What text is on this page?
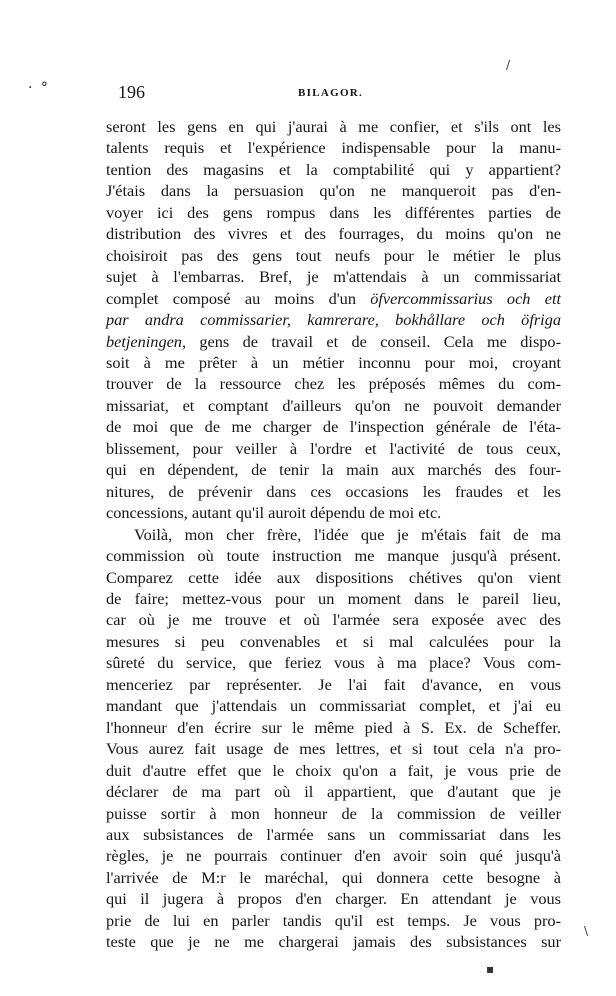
· °	196	BILAGOR.
seront les gens en qui j'aurai à me confier, et s'ils ont les
talents requis et l'expérience indispensable pour la manu-
tention des magasins et la comptabilité qui y appartient?
J'étais dans la persuasion qu'on ne manqueroit pas d'en-
voyer ici des gens rompus dans les différentes parties de
distribution des vivres et des fourrages, du moins qu'on ne
choisiroit pas des gens tout neufs pour le métier le plus
sujet à l'embarras. Bref, je m'attendais à un commissariat
complet composé au moins d'un öfvercommissarius och ett
par andra commissarier, kamrerare, bokhållare och öfriga
betjeningen, gens de travail et de conseil. Cela me dispo-
soit à me prêter à un métier inconnu pour moi, croyant
trouver de la ressource chez les préposés mêmes du com-
missariat, et comptant d'ailleurs qu'on ne pouvoit demander
de moi que de me charger de l'inspection générale de l'éta-
blissement, pour veiller à l'ordre et l'activité de tous ceux,
qui en dépendent, de tenir la main aux marchés des four-
nitures, de prévenir dans ces occasions les fraudes et les
concessions, autant qu'il auroit dépendu de moi etc.
Voilà, mon cher frère, l'idée que je m'étais fait de ma
commission où toute instruction me manque jusqu'à présent.
Comparez cette idée aux dispositions chétives qu'on vient
de faire; mettez-vous pour un moment dans le pareil lieu,
car où je me trouve et où l'armée sera exposée avec des
mesures si peu convenables et si mal calculées pour la
sûreté du service, que feriez vous à ma place? Vous com-
menceriez par représenter. Je l'ai fait d'avance, en vous
mandant que j'attendais un commissariat complet, et j'ai eu
l'honneur d'en écrire sur le même pied à S. Ex. de Scheffer.
Vous aurez fait usage de mes lettres, et si tout cela n'a pro-
duit d'autre effet que le choix qu'on a fait, je vous prie de
déclarer de ma part où il appartient, que d'autant que je
puisse sortir à mon honneur de la commission de veiller
aux subsistances de l'armée sans un commissariat dans les
règles, je ne pourrais continuer d'en avoir soin qué jusqu'à
l'arrivée de M:r le maréchal, qui donnera cette besogne à
qui il jugera à propos d'en charger. En attendant je vous
prie de lui en parler tandis qu'il est temps. Je vous pro-
teste que je ne me chargerai jamais des subsistances sur
/
\
▪
